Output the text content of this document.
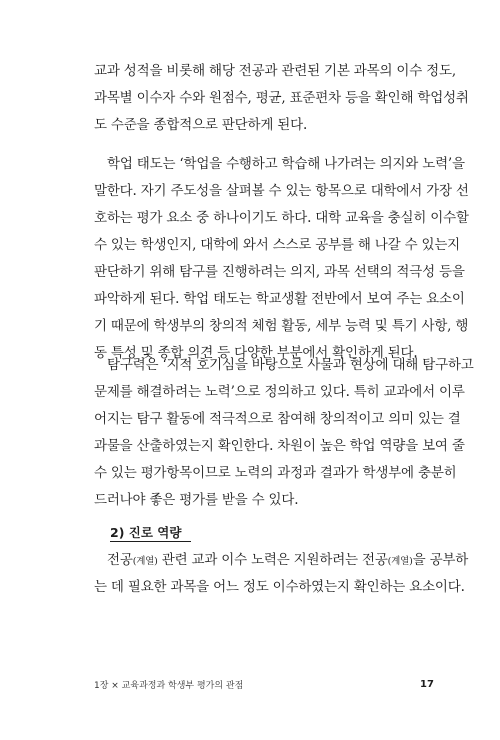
교과 성적을 비롯해 해당 전공과 관련된 기본 과목의 이수 정도,
과목별 이수자 수와 원점수, 평균, 표준편차 등을 확인해 학업성취
도 수준을 종합적으로 판단하게 된다.
학업 태도는 ‘학업을 수행하고 학습해 나가려는 의지와 노력’을
말한다. 자기 주도성을 살펴볼 수 있는 항목으로 대학에서 가장 선
호하는 평가 요소 중 하나이기도 하다. 대학 교육을 충실히 이수할
수 있는 학생인지, 대학에 와서 스스로 공부를 해 나갈 수 있는지
판단하기 위해 탐구를 진행하려는 의지, 과목 선택의 적극성 등을
파악하게 된다. 학업 태도는 학교생활 전반에서 보여 주는 요소이
기 때문에 학생부의 창의적 체험 활동, 세부 능력 및 특기 사항, 행
동 특성 및 종합 의견 등 다양한 부분에서 확인하게 된다.
탐구력은 ‘지적 호기심을 바탕으로 사물과 현상에 대해 탐구하고
문제를 해결하려는 노력’으로 정의하고 있다. 특히 교과에서 이루
어지는 탐구 활동에 적극적으로 참여해 창의적이고 의미 있는 결
과물을 산출하였는지 확인한다. 차원이 높은 학업 역량을 보여 줄
수 있는 평가항목이므로 노력의 과정과 결과가 학생부에 충분히
드러나야 좋은 평가를 받을 수 있다.
2) 진로 역량
전공(계열) 관련 교과 이수 노력은 지원하려는 전공(계열)을 공부하
는 데 필요한 과목을 어느 정도 이수하였는지 확인하는 요소이다.
1장 × 교육과정과 학생부 평가의 관점	17
